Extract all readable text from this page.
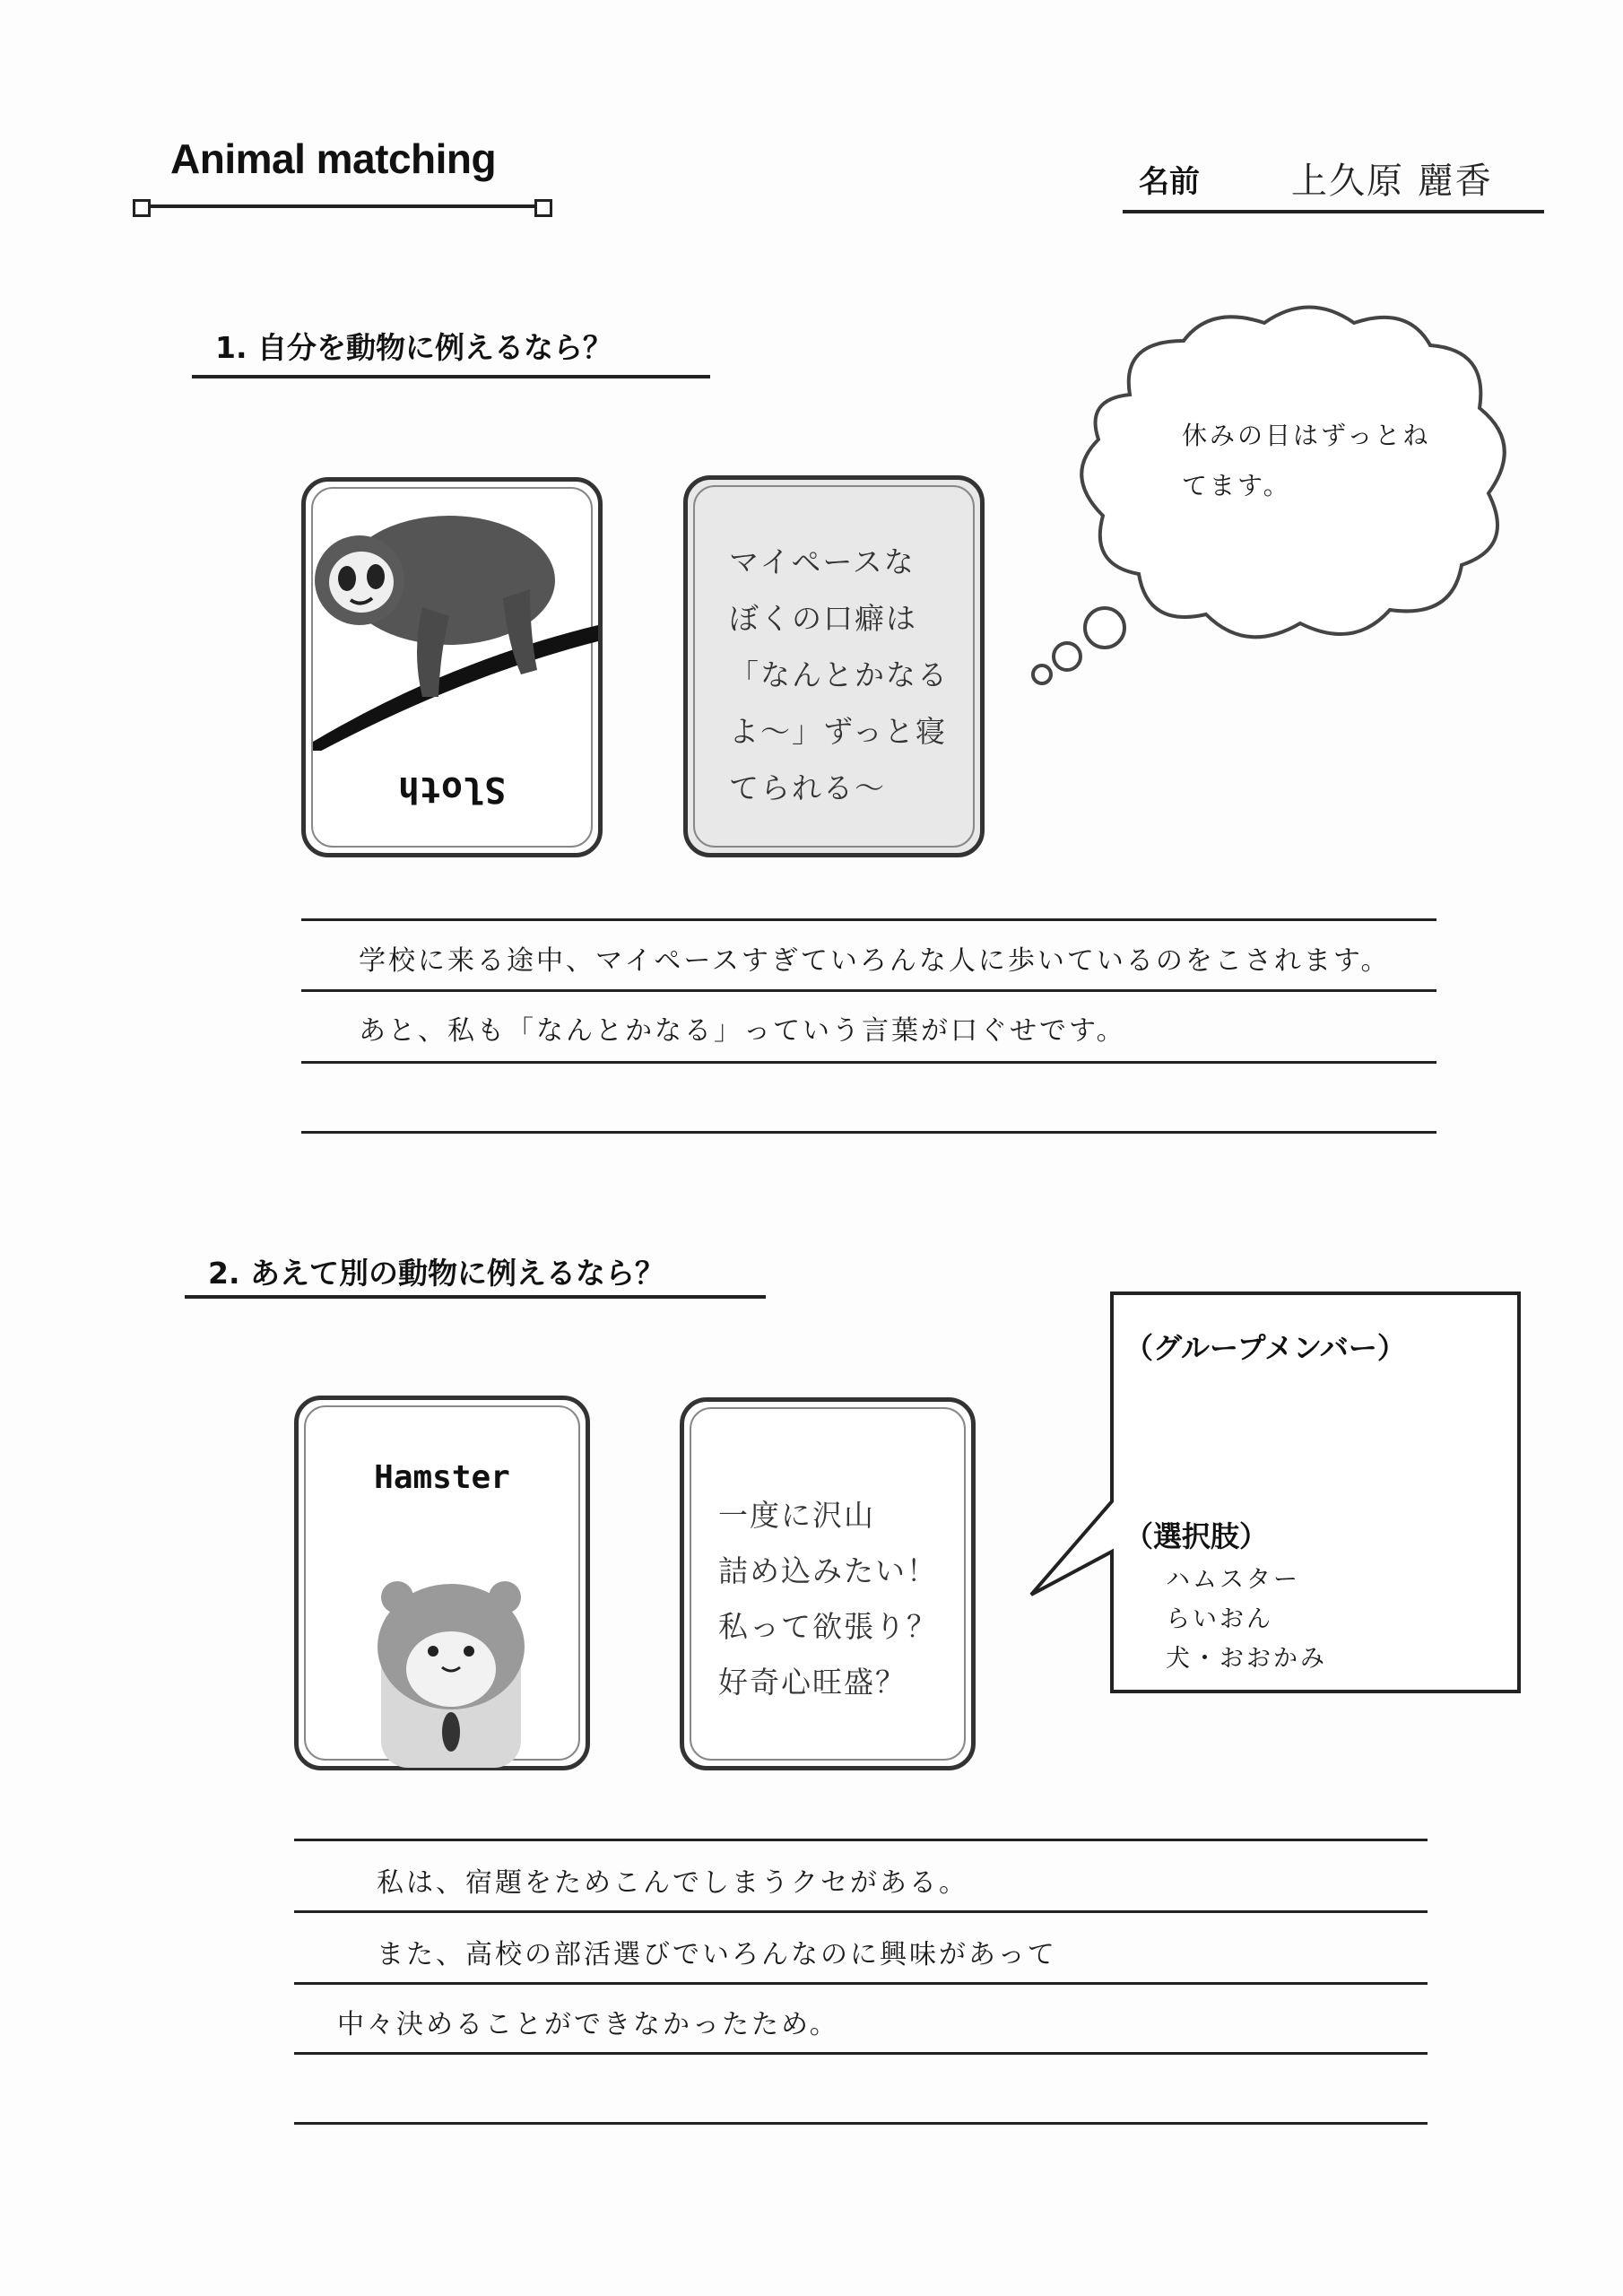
Animal matching	名前	上久原 麗香
1. 自分を動物に例えるなら？
Sloth
マイペースな
ぼくの口癖は
「なんとかなる
よ～」ずっと寝
てられる～
休みの日はずっとね
てます。
学校に来る途中、マイペースすぎていろんな人に歩いているのをこされます。
あと、私も「なんとかなる」っていう言葉が口ぐせです。
2. あえて別の動物に例えるなら？
Hamster
一度に沢山
詰め込みたい！
私って欲張り？
好奇心旺盛？
（グループメンバー）
（選択肢）
ハムスター
らいおん
犬・おおかみ
私は、宿題をためこんでしまうクセがある。
また、高校の部活選びでいろんなのに興味があって
中々決めることができなかったため。
